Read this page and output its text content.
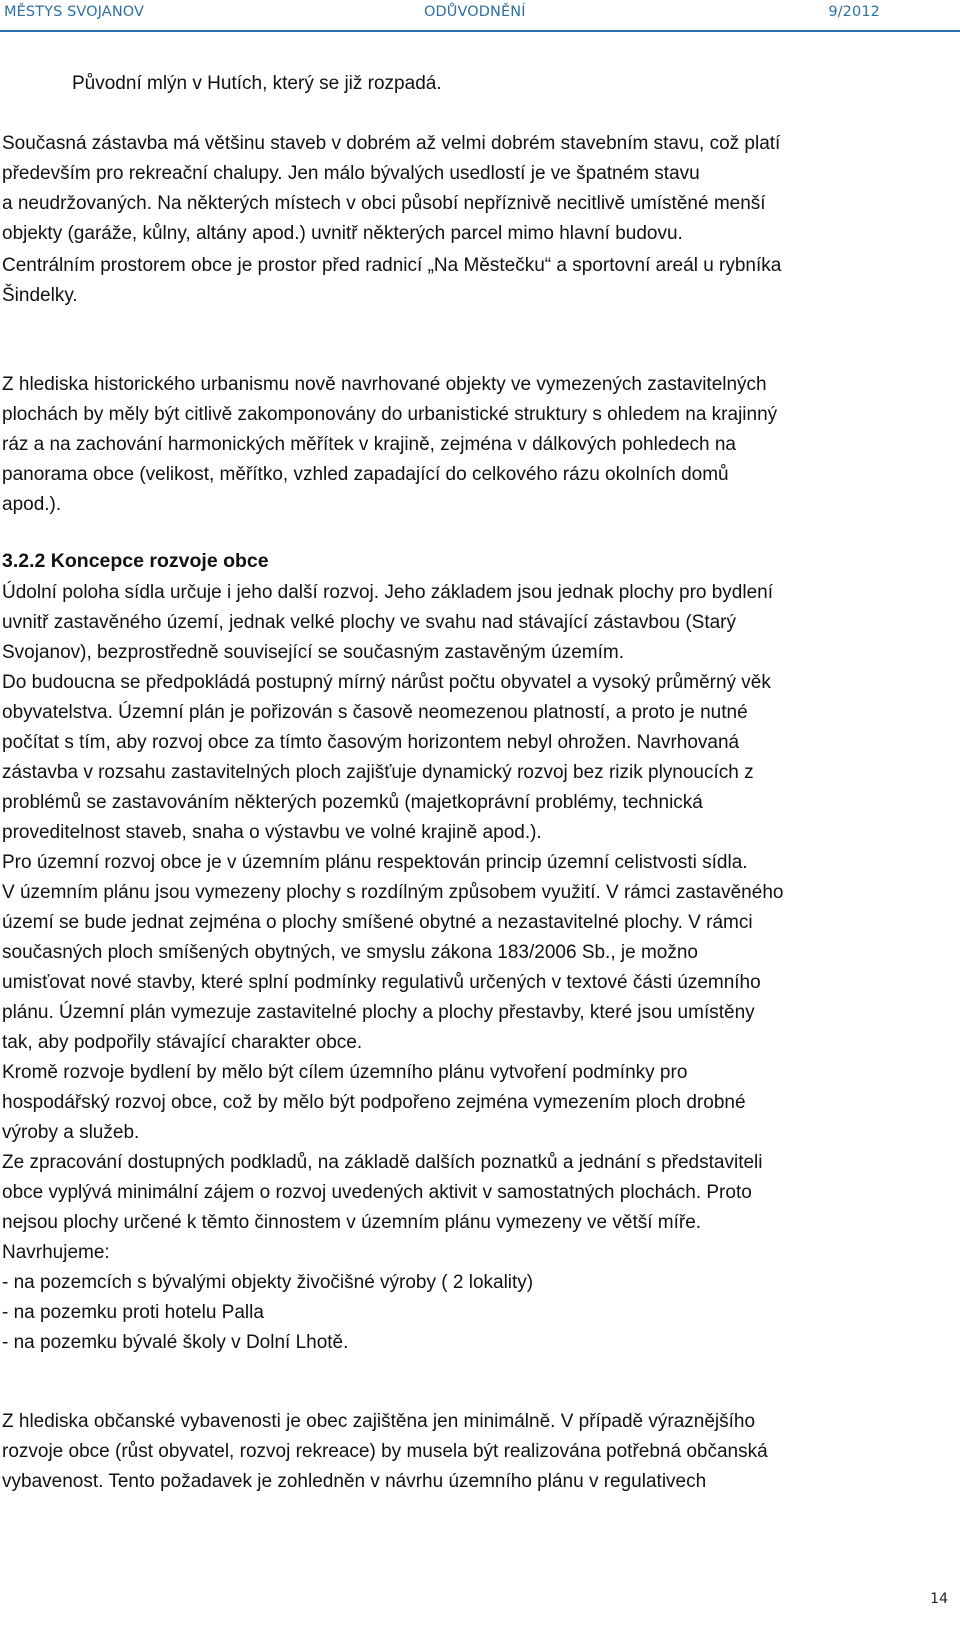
MĚSTYS SVOJANOV	ODŮVODNĚNÍ	9/2012

Původní mlýn v Hutích, který se již rozpadá.

Současná zástavba má většinu staveb v dobrém až velmi dobrém stavebním stavu, což platí
především pro rekreační chalupy. Jen málo bývalých usedlostí je ve špatném stavu
a neudržovaných. Na některých místech v obci působí nepříznivě necitlivě umístěné menší
objekty (garáže, kůlny, altány apod.) uvnitř některých parcel mimo hlavní budovu.
Centrálním prostorem obce je prostor před radnicí „Na Městečku“ a sportovní areál u rybníka
Šindelky.
Z hlediska historického urbanismu nově navrhované objekty ve vymezených zastavitelných
plochách by měly být citlivě zakomponovány do urbanistické struktury s ohledem na krajinný
ráz a na zachování harmonických měřítek v krajině, zejména v dálkových pohledech na
panorama obce (velikost, měřítko, vzhled zapadající do celkového rázu okolních domů
apod.).
3.2.2 Koncepce rozvoje obce
Údolní poloha sídla určuje i jeho další rozvoj. Jeho základem jsou jednak plochy pro bydlení
uvnitř zastavěného území, jednak velké plochy ve svahu nad stávající zástavbou (Starý
Svojanov), bezprostředně související se současným zastavěným územím.
Do budoucna se předpokládá postupný mírný nárůst počtu obyvatel a vysoký průměrný věk
obyvatelstva. Územní plán je pořizován s časově neomezenou platností, a proto je nutné
počítat s tím, aby rozvoj obce za tímto časovým horizontem nebyl ohrožen. Navrhovaná
zástavba v rozsahu zastavitelných ploch zajišťuje dynamický rozvoj bez rizik plynoucích z
problémů se zastavováním některých pozemků (majetkoprávní problémy, technická
proveditelnost staveb, snaha o výstavbu ve volné krajině apod.).
Pro územní rozvoj obce je v územním plánu respektován princip územní celistvosti sídla.
V územním plánu jsou vymezeny plochy s rozdílným způsobem využití. V rámci zastavěného
území se bude jednat zejména o plochy smíšené obytné a nezastavitelné plochy. V rámci
současných ploch smíšených obytných, ve smyslu zákona 183/2006 Sb., je možno
umisťovat nové stavby, které splní podmínky regulativů určených v textové části územního
plánu. Územní plán vymezuje zastavitelné plochy a plochy přestavby, které jsou umístěny
tak, aby podpořily stávající charakter obce.
Kromě rozvoje bydlení by mělo být cílem územního plánu vytvoření podmínky pro
hospodářský rozvoj obce, což by mělo být podpořeno zejména vymezením ploch drobné
výroby a služeb.
Ze zpracování dostupných podkladů, na základě dalších poznatků a jednání s představiteli
obce vyplývá minimální zájem o rozvoj uvedených aktivit v samostatných plochách. Proto
nejsou plochy určené k těmto činnostem v územním plánu vymezeny ve větší míře.
Navrhujeme:
- na pozemcích s bývalými objekty živočišné výroby ( 2 lokality)
- na pozemku proti hotelu Palla
- na pozemku bývalé školy v Dolní Lhotě.
Z hlediska občanské vybavenosti je obec zajištěna jen minimálně. V případě výraznějšího
rozvoje obce (růst obyvatel, rozvoj rekreace) by musela být realizována potřebná občanská
vybavenost. Tento požadavek je zohledněn v návrhu územního plánu v regulativech
14
